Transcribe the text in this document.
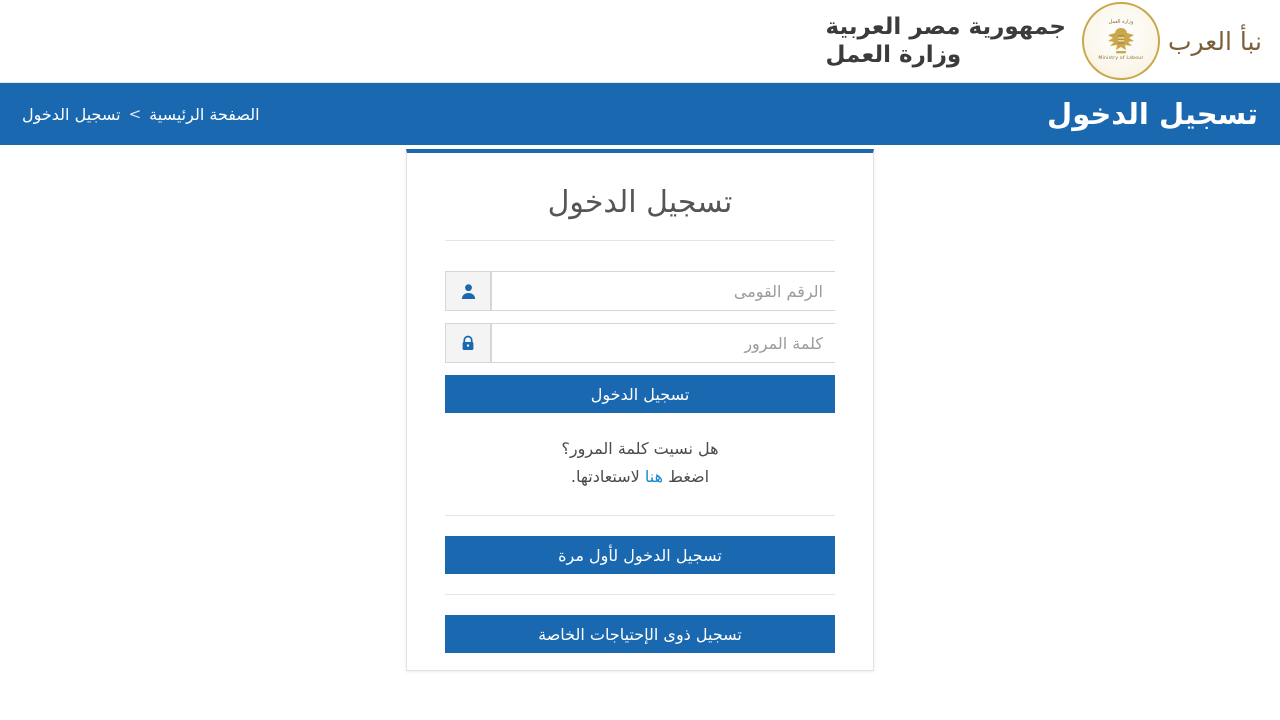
نبأ العرب
وزارة العمل
Ministry of Labour
جمهورية مصر العربية
وزارة العمل
تسجيل الدخول
الصفحة الرئيسية
>
تسجيل الدخول
تسجيل الدخول
الرقم القومى
تسجيل الدخول
هل نسيت كلمة المرور؟
اضغط هنا لاستعادتها.
تسجيل الدخول لأول مرة
تسجيل ذوى الإحتياجات الخاصة
